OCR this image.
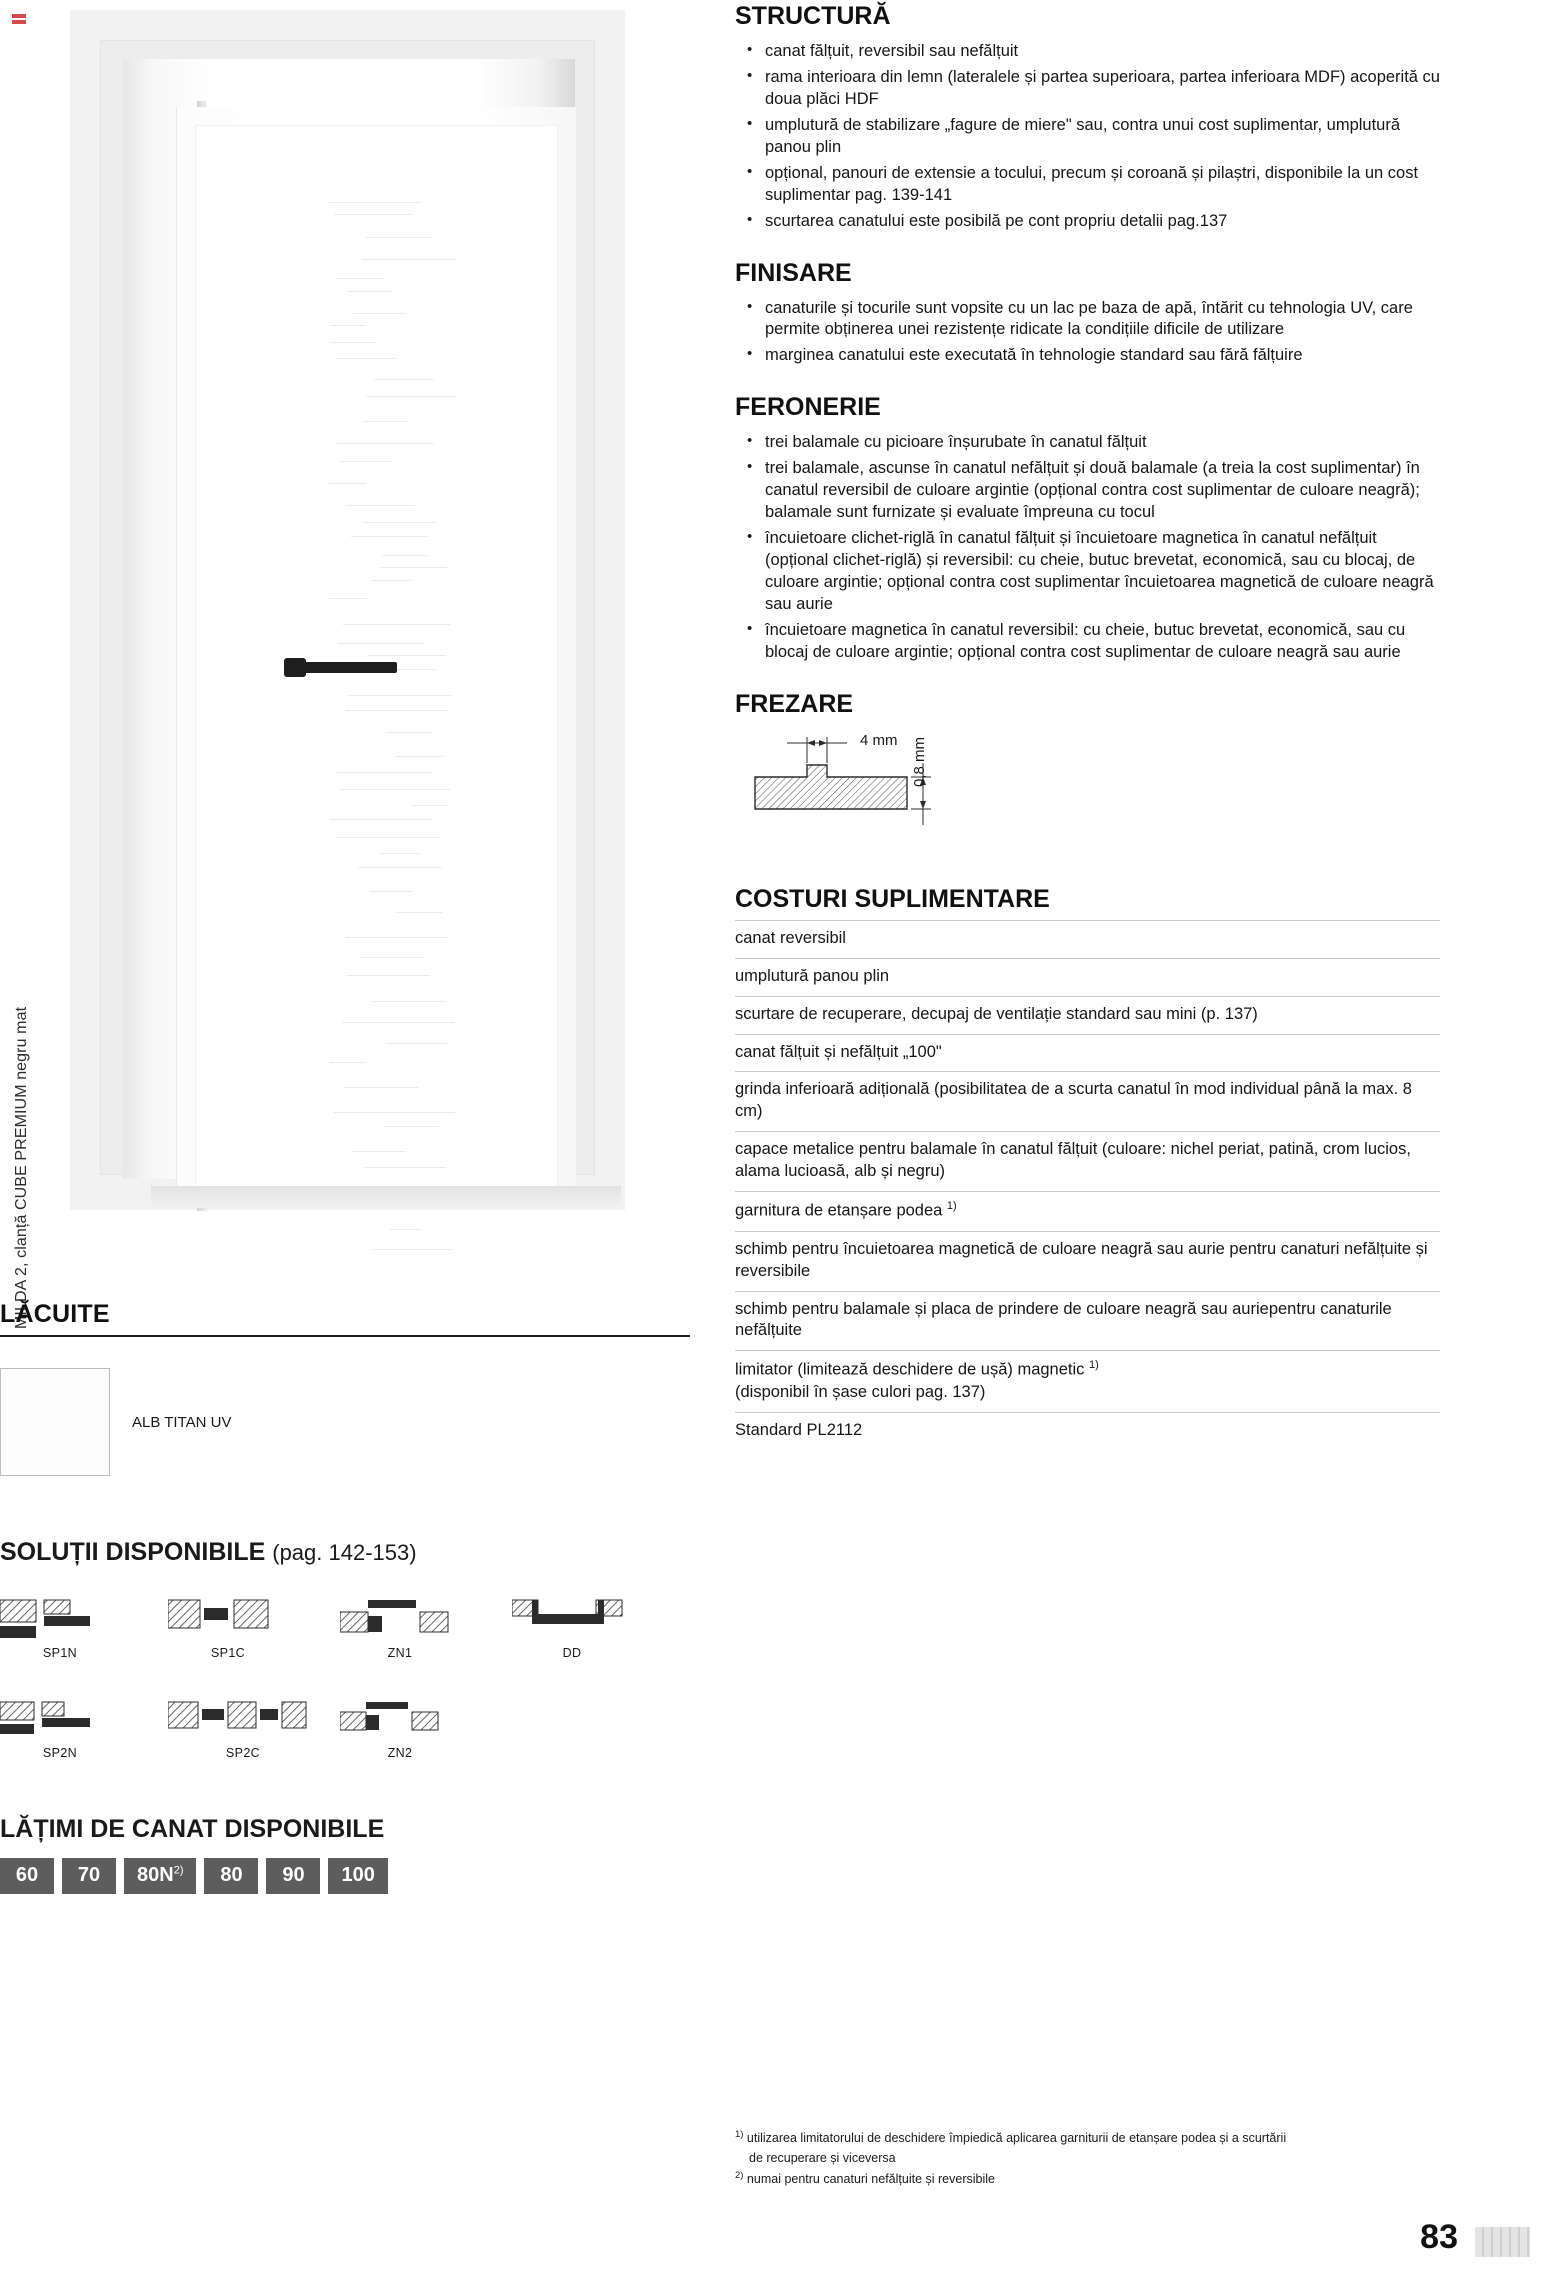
MILDA 2, clanță CUBE PREMIUM negru mat
LĂCUITE
ALB TITAN UV
SOLUȚII DISPONIBILE (pag. 142-153)
SP1N	SP1C	ZN1	DD
SP2N	SP2C	ZN2
LĂȚIMI DE CANAT DISPONIBILE
60	70	$80N^{2)}$	80	90	100
STRUCTURĂ
• canat fălțuit, reversibil sau nefălțuit
• rama interioara din lemn (lateralele și partea superioara, partea inferioara MDF) acoperită cu doua plăci HDF
• umplutură de stabilizare „fagure de miere" sau, contra unui cost suplimentar, umplutură panou plin
• opțional, panouri de extensie a tocului, precum și coroană și pilaștri, disponibile la un cost suplimentar pag. 139-141
• scurtarea canatului este posibilă pe cont propriu detalii pag.137
FINISARE
• canaturile și tocurile sunt vopsite cu un lac pe baza de apă, întărit cu tehnologia UV, care permite obținerea unei rezistențe ridicate la condițiile dificile de utilizare
• marginea canatului este executată în tehnologie standard sau fără fălțuire
FERONERIE
• trei balamale cu picioare înșurubate în canatul fălțuit
• trei balamale, ascunse în canatul nefălțuit și două balamale (a treia la cost suplimentar) în canatul reversibil de culoare argintie (opțional contra cost suplimentar de culoare neagră); balamale sunt furnizate și evaluate împreuna cu tocul
• încuietoare clichet-riglă în canatul fălțuit și încuietoare magnetica în canatul nefălțuit (opțional clichet-riglă) și reversibil: cu cheie, butuc brevetat, economică, sau cu blocaj, de culoare argintie; opțional contra cost suplimentar încuietoarea magnetică de culoare neagră sau aurie
• încuietoare magnetica în canatul reversibil: cu cheie, butuc brevetat, economică, sau cu blocaj de culoare argintie; opțional contra cost suplimentar de culoare neagră sau aurie
FREZARE
4 mm 0,8 mm
COSTURI SUPLIMENTARE
canat reversibil
umplutură panou plin
scurtare de recuperare, decupaj de ventilație standard sau mini (p. 137)
canat fălțuit și nefălțuit „100"
grinda inferioară adițională (posibilitatea de a scurta canatul în mod individual până la max. 8 cm)
capace metalice pentru balamale în canatul fălțuit (culoare: nichel periat, patină, crom lucios, alama lucioasă, alb și negru)
garnitura de etanșare podea $^{1)}$
schimb pentru încuietoarea magnetică de culoare neagră sau aurie pentru canaturi nefălțuite și reversibile
schimb pentru balamale și placa de prindere de culoare neagră sau auriepentru canaturile nefălțuite
limitator (limitează deschidere de ușă) magnetic $^{1)}$
(disponibil în șase culori pag. 137)
Standard PL2112
$^{1)}$ utilizarea limitatorului de deschidere împiedică aplicarea garniturii de etanșare podea și a scurtării
de recuperare și viceversa
$^{2)}$ numai pentru canaturi nefălțuite și reversibile
83
